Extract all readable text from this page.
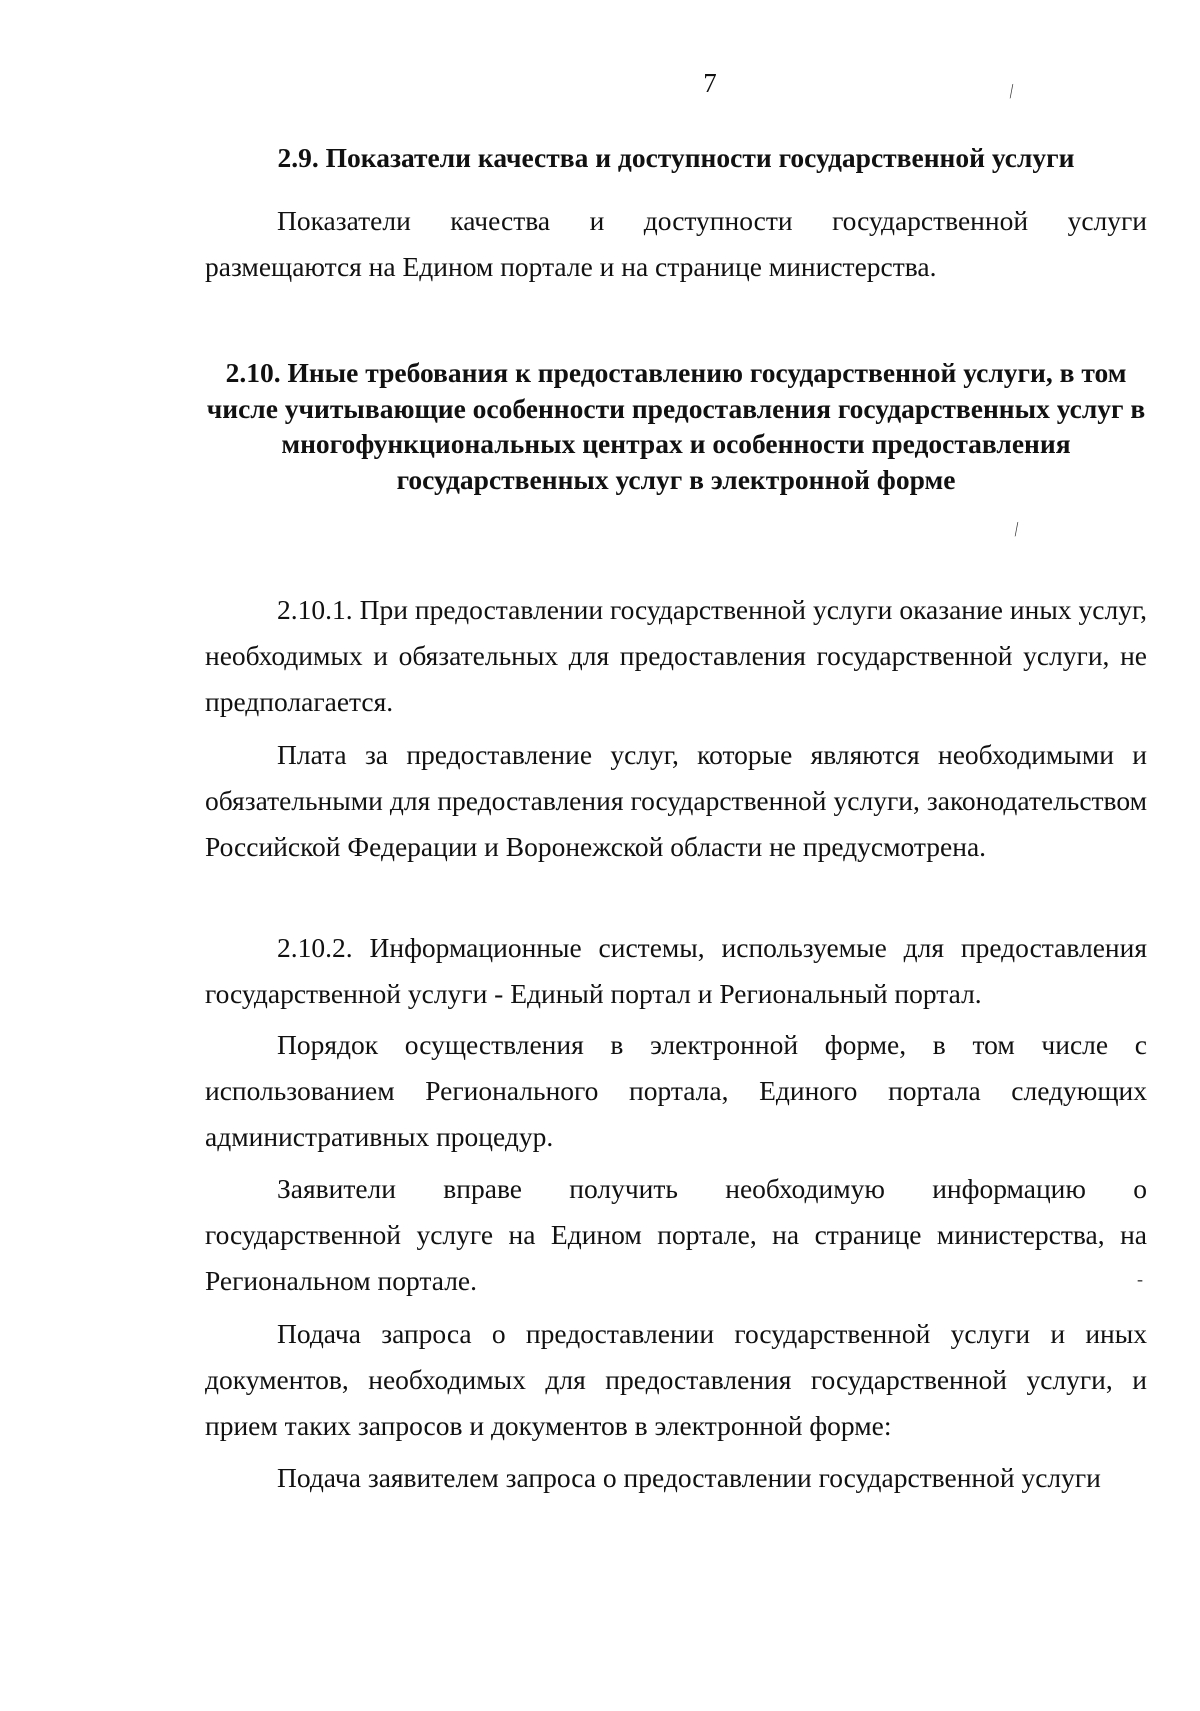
7
2.9. Показатели качества и доступности государственной услуги
Показатели качества и доступности государственной услуги размещаются на Едином портале и на странице министерства.
2.10. Иные требования к предоставлению государственной услуги, в том числе учитывающие особенности предоставления государственных услуг в многофункциональных центрах и особенности предоставления государственных услуг в электронной форме
2.10.1. При предоставлении государственной услуги оказание иных услуг, необходимых и обязательных для предоставления государственной услуги, не предполагается.
Плата за предоставление услуг, которые являются необходимыми и обязательными для предоставления государственной услуги, законодательством Российской Федерации и Воронежской области не предусмотрена.
2.10.2. Информационные системы, используемые для предоставления государственной услуги - Единый портал и Региональный портал.
Порядок осуществления в электронной форме, в том числе с использованием Регионального портала, Единого портала следующих административных процедур.
Заявители вправе получить необходимую информацию о государственной услуге на Едином портале, на странице министерства, на Региональном портале.
Подача запроса о предоставлении государственной услуги и иных документов, необходимых для предоставления государственной услуги, и прием таких запросов и документов в электронной форме:
Подача заявителем запроса о предоставлении государственной услуги
⁄
⁄
-
